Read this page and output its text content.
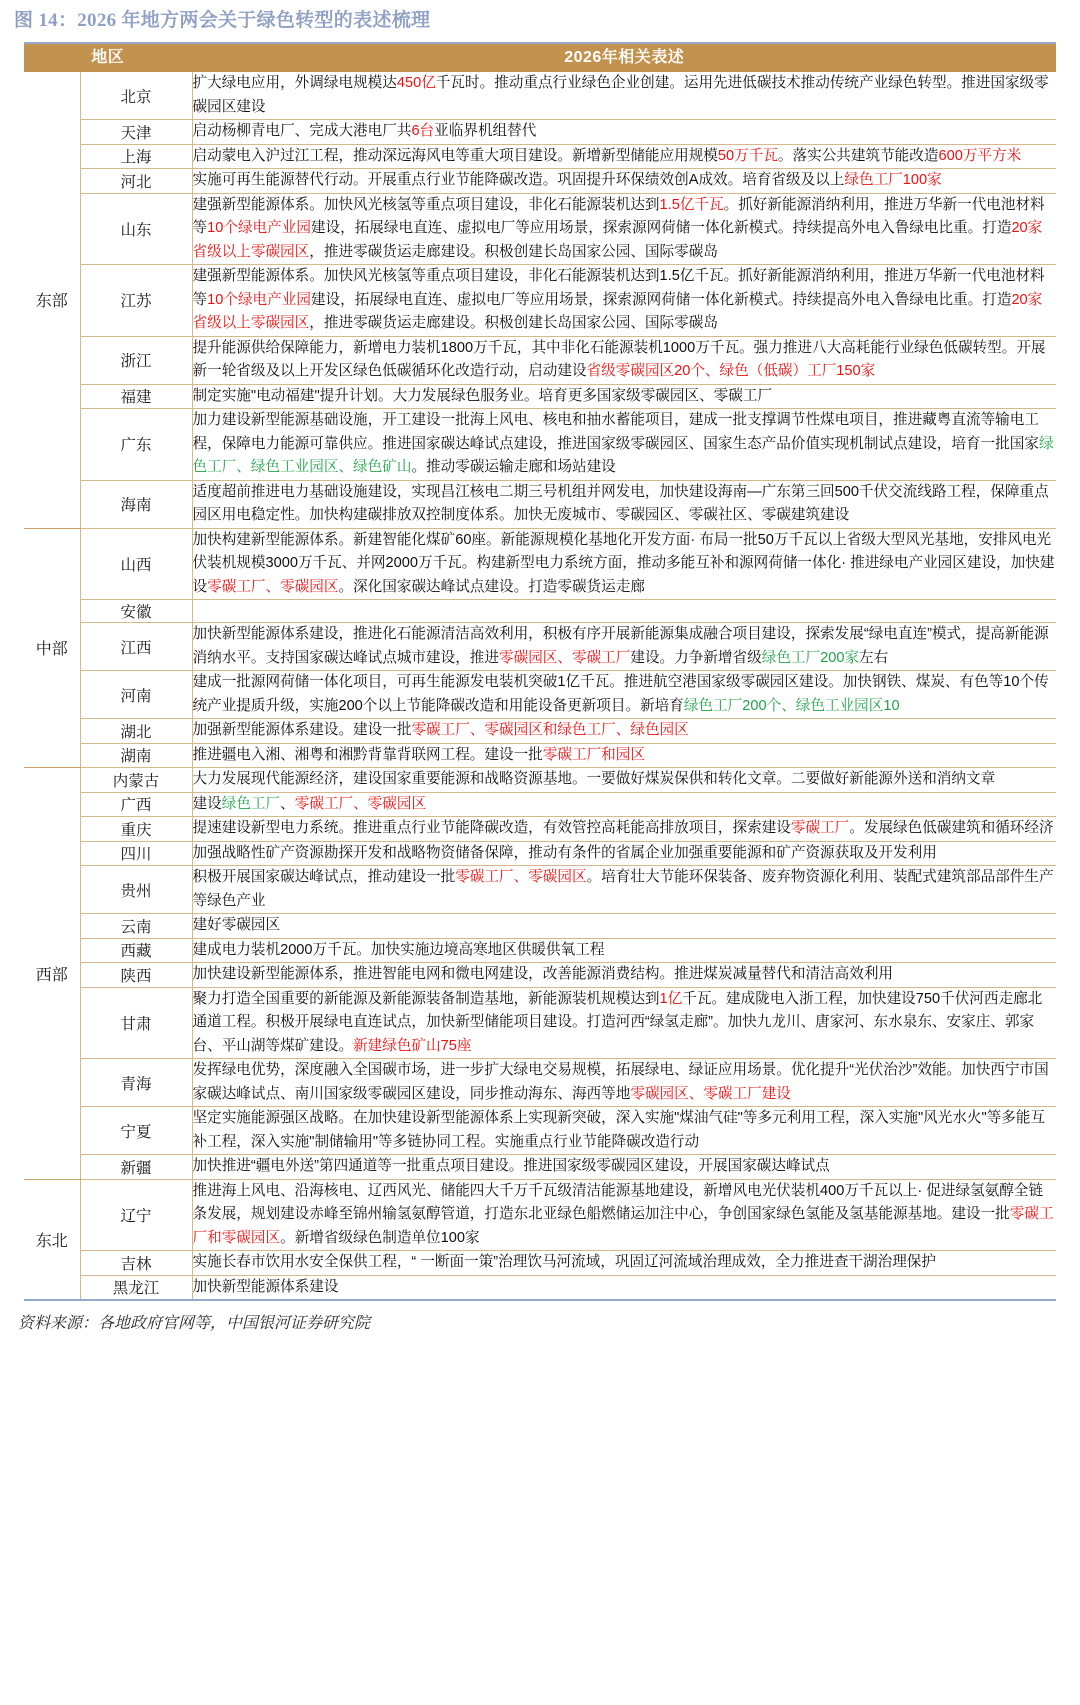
图 14：2026 年地方两会关于绿色转型的表述梳理
地区		2026年相关表述
东部	北京	扩大绿电应用，外调绿电规模达450亿千瓦时。推动重点行业绿色企业创建。运用先进低碳技术推动传统产业绿色转型。推进国家级零碳园区建设
	天津	启动杨柳青电厂、完成大港电厂共6台亚临界机组替代
	上海	启动蒙电入沪过江工程，推动深远海风电等重大项目建设。新增新型储能应用规模50万千瓦。落实公共建筑节能改造600万平方米
	河北	实施可再生能源替代行动。开展重点行业节能降碳改造。巩固提升环保绩效创A成效。培育省级及以上绿色工厂100家
	山东	建强新型能源体系。加快风光核氢等重点项目建设，非化石能源装机达到1.5亿千瓦。抓好新能源消纳利用，推进万华新一代电池材料等10个绿电产业园建设，拓展绿电直连、虚拟电厂等应用场景，探索源网荷储一体化新模式。持续提高外电入鲁绿电比重。打造20家省级以上零碳园区，推进零碳货运走廊建设。积极创建长岛国家公园、国际零碳岛
	江苏	建强新型能源体系。加快风光核氢等重点项目建设，非化石能源装机达到1.5亿千瓦。抓好新能源消纳利用，推进万华新一代电池材料等10个绿电产业园建设，拓展绿电直连、虚拟电厂等应用场景，探索源网荷储一体化新模式。持续提高外电入鲁绿电比重。打造20家省级以上零碳园区，推进零碳货运走廊建设。积极创建长岛国家公园、国际零碳岛
	浙江	提升能源供给保障能力，新增电力装机1800万千瓦，其中非化石能源装机1000万千瓦。强力推进八大高耗能行业绿色低碳转型。开展新一轮省级及以上开发区绿色低碳循环化改造行动，启动建设省级零碳园区20个、绿色（低碳）工厂150家
	福建	制定实施"电动福建"提升计划。大力发展绿色服务业。培育更多国家级零碳园区、零碳工厂
	广东	加力建设新型能源基础设施，开工建设一批海上风电、核电和抽水蓄能项目，建成一批支撑调节性煤电项目，推进藏粤直流等输电工程，保障电力能源可靠供应。推进国家碳达峰试点建设，推进国家级零碳园区、国家生态产品价值实现机制试点建设，培育一批国家绿色工厂、绿色工业园区、绿色矿山。推动零碳运输走廊和场站建设
	海南	适度超前推进电力基础设施建设，实现昌江核电二期三号机组并网发电，加快建设海南—广东第三回500千伏交流线路工程，保障重点园区用电稳定性。加快构建碳排放双控制度体系。加快无废城市、零碳园区、零碳社区、零碳建筑建设
中部	山西	加快构建新型能源体系。新建智能化煤矿60座。新能源规模化基地化开发方面· 布局一批50万千瓦以上省级大型风光基地，安排风电光伏装机规模3000万千瓦、并网2000万千瓦。构建新型电力系统方面，推动多能互补和源网荷储一体化· 推进绿电产业园区建设，加快建设零碳工厂、零碳园区。深化国家碳达峰试点建设。打造零碳货运走廊
	安徽	
	江西	加快新型能源体系建设，推进化石能源清洁高效利用，积极有序开展新能源集成融合项目建设，探索发展“绿电直连”模式，提高新能源消纳水平。支持国家碳达峰试点城市建设，推进零碳园区、零碳工厂建设。力争新增省级绿色工厂200家左右
	河南	建成一批源网荷储一体化项目，可再生能源发电装机突破1亿千瓦。推进航空港国家级零碳园区建设。加快钢铁、煤炭、有色等10个传统产业提质升级，实施200个以上节能降碳改造和用能设备更新项目。新培育绿色工厂200个、绿色工业园区10
	湖北	加强新型能源体系建设。建设一批零碳工厂、零碳园区和绿色工厂、绿色园区
	湖南	推进疆电入湘、湘粤和湘黔背靠背联网工程。建设一批零碳工厂和园区
西部	内蒙古	大力发展现代能源经济，建设国家重要能源和战略资源基地。一要做好煤炭保供和转化文章。二要做好新能源外送和消纳文章
	广西	建设绿色工厂、零碳工厂、零碳园区
	重庆	提速建设新型电力系统。推进重点行业节能降碳改造，有效管控高耗能高排放项目，探索建设零碳工厂。发展绿色低碳建筑和循环经济
	四川	加强战略性矿产资源勘探开发和战略物资储备保障，推动有条件的省属企业加强重要能源和矿产资源获取及开发利用
	贵州	积极开展国家碳达峰试点，推动建设一批零碳工厂、零碳园区。培育壮大节能环保装备、废弃物资源化利用、装配式建筑部品部件生产等绿色产业
	云南	建好零碳园区
	西藏	建成电力装机2000万千瓦。加快实施边境高寒地区供暖供氧工程
	陕西	加快建设新型能源体系，推进智能电网和微电网建设，改善能源消费结构。推进煤炭减量替代和清洁高效利用
	甘肃	聚力打造全国重要的新能源及新能源装备制造基地，新能源装机规模达到1亿千瓦。建成陇电入浙工程，加快建设750千伏河西走廊北通道工程。积极开展绿电直连试点，加快新型储能项目建设。打造河西“绿氢走廊”。加快九龙川、唐家河、东水泉东、安家庄、郭家台、平山湖等煤矿建设。新建绿色矿山75座
	青海	发挥绿电优势，深度融入全国碳市场，进一步扩大绿电交易规模，拓展绿电、绿证应用场景。优化提升“光伏治沙”效能。加快西宁市国家碳达峰试点、南川国家级零碳园区建设，同步推动海东、海西等地零碳园区、零碳工厂建设
	宁夏	坚定实施能源强区战略。在加快建设新型能源体系上实现新突破，深入实施"煤油气硅"等多元利用工程，深入实施"风光水火"等多能互补工程，深入实施"制储输用"等多链协同工程。实施重点行业节能降碳改造行动
	新疆	加快推进“疆电外送”第四通道等一批重点项目建设。推进国家级零碳园区建设，开展国家碳达峰试点
东北	辽宁	推进海上风电、沿海核电、辽西风光、储能四大千万千瓦级清洁能源基地建设，新增风电光伏装机400万千瓦以上· 促进绿氢氨醇全链条发展，规划建设赤峰至锦州输氢氨醇管道，打造东北亚绿色船燃储运加注中心，争创国家绿色氢能及氢基能源基地。建设一批零碳工厂和零碳园区。新增省级绿色制造单位100家
	吉林	实施长春市饮用水安全保供工程，“ 一断面一策”治理饮马河流域，巩固辽河流域治理成效，全力推进查干湖治理保护
	黑龙江	加快新型能源体系建设
资料来源：各地政府官网等，中国银河证券研究院
